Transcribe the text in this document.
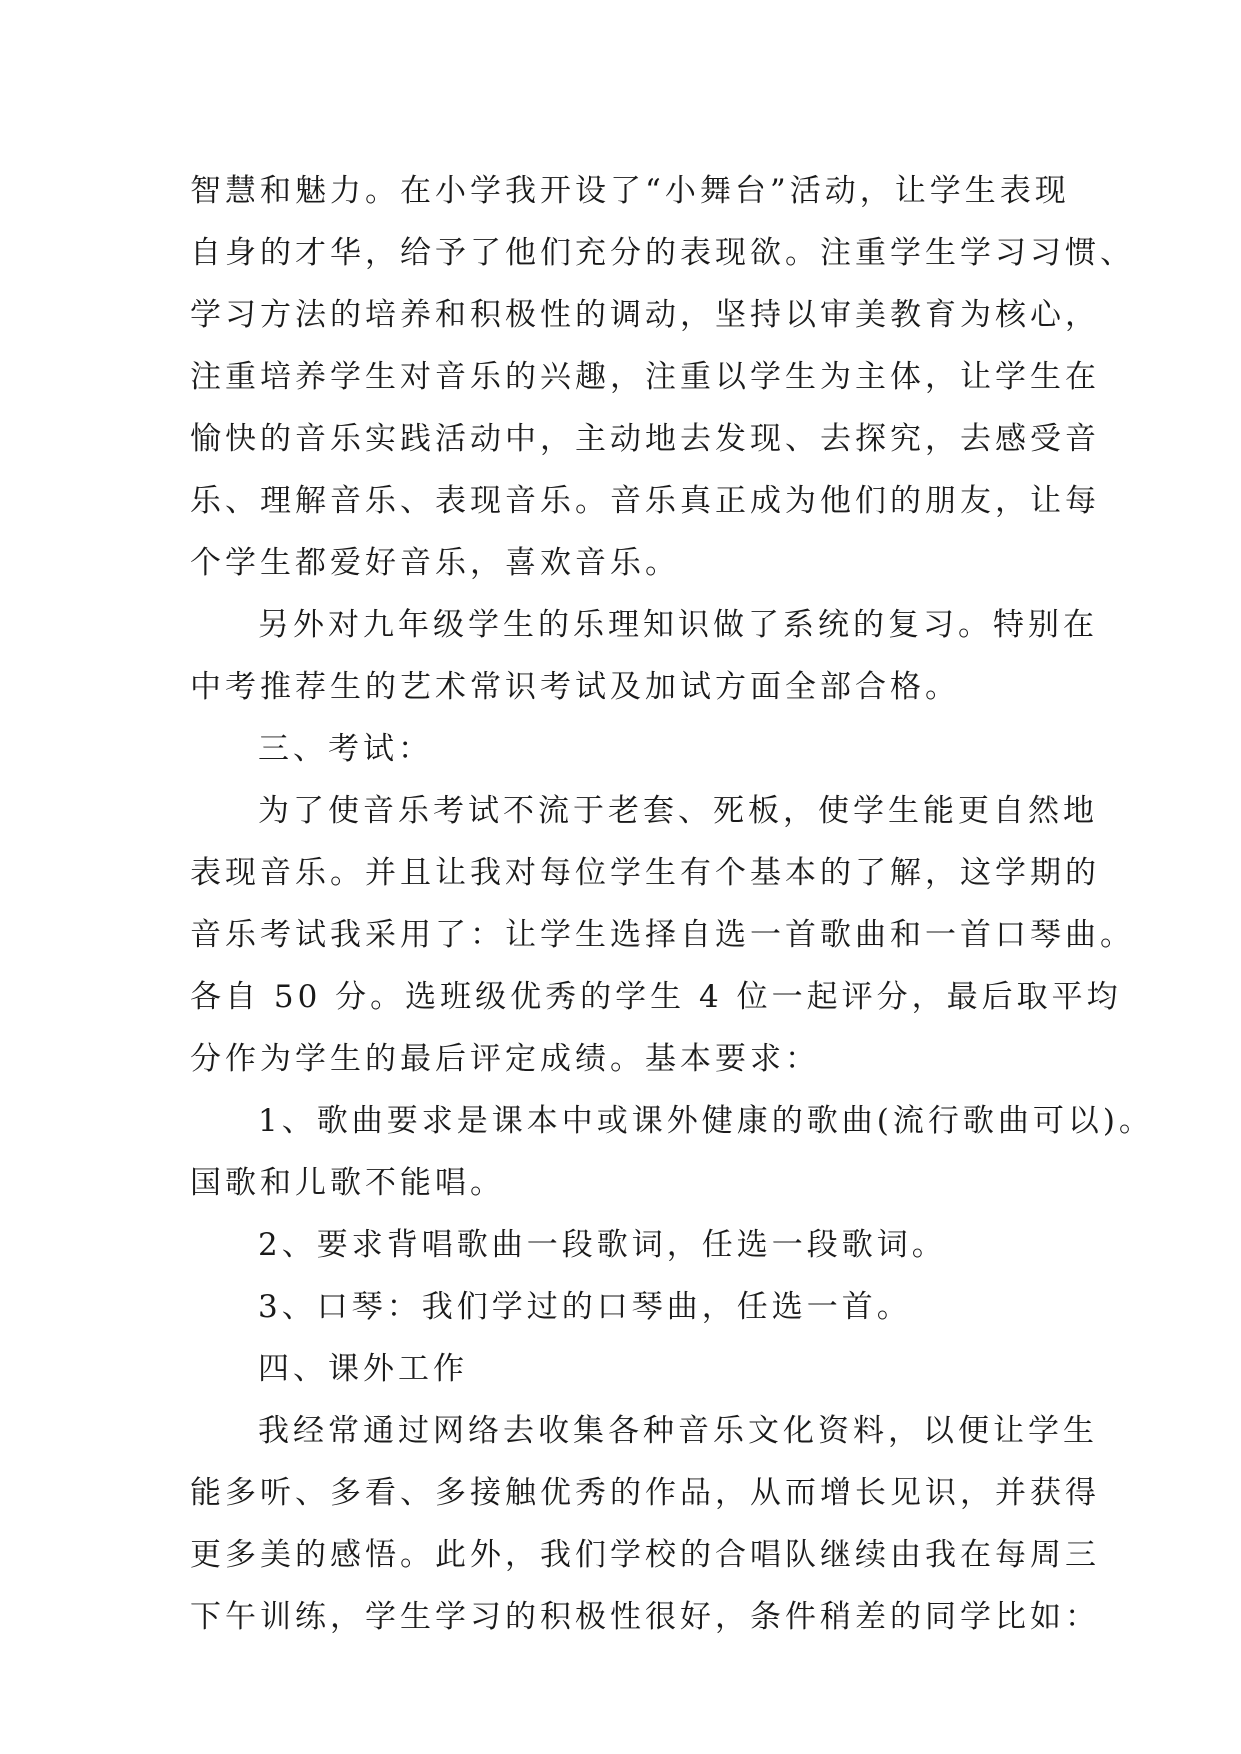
智慧和魅力。在小学我开设了“小舞台”活动，让学生表现
自身的才华，给予了他们充分的表现欲。注重学生学习习惯、
学习方法的培养和积极性的调动，坚持以审美教育为核心，
注重培养学生对音乐的兴趣，注重以学生为主体，让学生在
愉快的音乐实践活动中，主动地去发现、去探究，去感受音
乐、理解音乐、表现音乐。音乐真正成为他们的朋友，让每
个学生都爱好音乐，喜欢音乐。
另外对九年级学生的乐理知识做了系统的复习。特别在
中考推荐生的艺术常识考试及加试方面全部合格。
三、考试：
为了使音乐考试不流于老套、死板，使学生能更自然地
表现音乐。并且让我对每位学生有个基本的了解，这学期的
音乐考试我采用了：让学生选择自选一首歌曲和一首口琴曲。
各自 50 分。选班级优秀的学生 4 位一起评分，最后取平均
分作为学生的最后评定成绩。基本要求：
1、歌曲要求是课本中或课外健康的歌曲(流行歌曲可以)。
国歌和儿歌不能唱。
2、要求背唱歌曲一段歌词，任选一段歌词。
3、口琴：我们学过的口琴曲，任选一首。
四、课外工作
我经常通过网络去收集各种音乐文化资料，以便让学生
能多听、多看、多接触优秀的作品，从而增长见识，并获得
更多美的感悟。此外，我们学校的合唱队继续由我在每周三
下午训练，学生学习的积极性很好，条件稍差的同学比如：
